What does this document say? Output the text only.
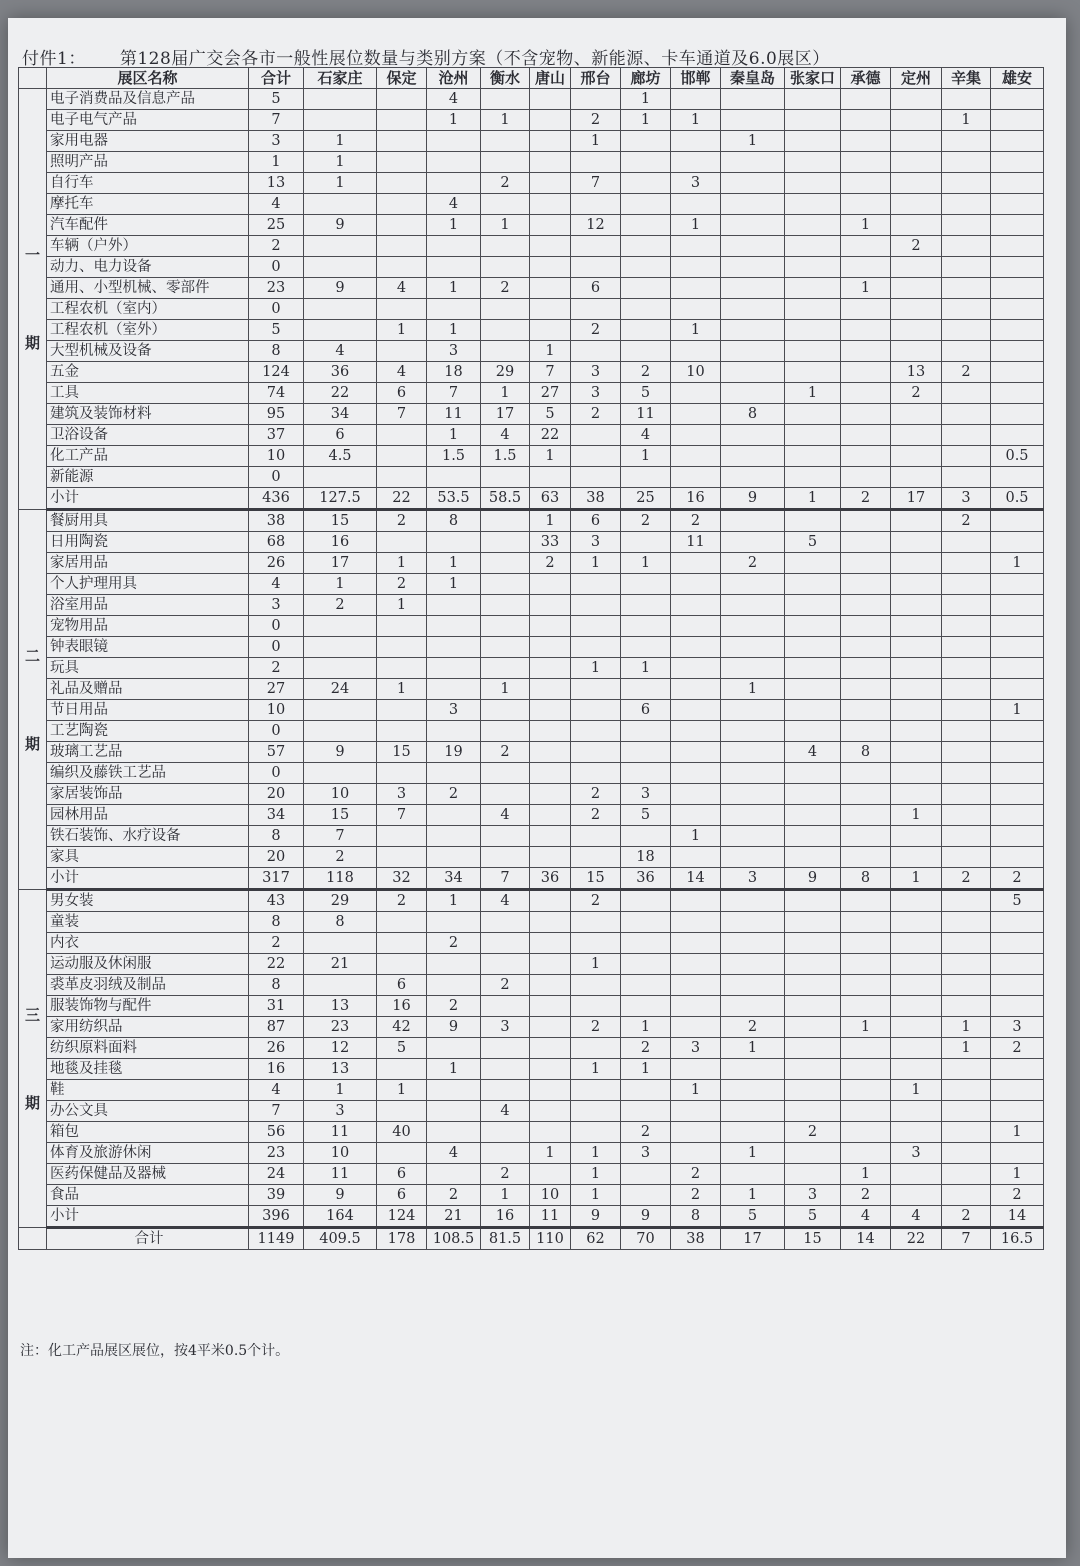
付件1： 第128届广交会各市一般性展位数量与类别方案（不含宠物、新能源、卡车通道及6.0展区）
	展区名称	合计	石家庄	保定	沧州	衡水	唐山	邢台	廊坊	邯郸	秦皇岛	张家口	承德	定州	辛集	雄安
一

期	电子消费品及信息产品	5			4				1							
	电子电气产品	7			1	1		2	1	1					1	
	家用电器	3	1					1			1					
	照明产品	1	1													
	自行车	13	1			2		7		3						
	摩托车	4			4											
	汽车配件	25	9		1	1		12		1			1			
	车辆（户外）	2												2		
	动力、电力设备	0														
	通用、小型机械、零部件	23	9	4	1	2		6					1			
	工程农机（室内）	0														
	工程农机（室外）	5		1	1			2		1						
	大型机械及设备	8	4		3		1									
	五金	124	36	4	18	29	7	3	2	10				13	2	
	工具	74	22	6	7	1	27	3	5			1		2		
	建筑及装饰材料	95	34	7	11	17	5	2	11		8					
	卫浴设备	37	6		1	4	22		4							
	化工产品	10	4.5		1.5	1.5	1		1							0.5
	新能源	0														
	小计	436	127.5	22	53.5	58.5	63	38	25	16	9	1	2	17	3	0.5
二

期	餐厨用具	38	15	2	8		1	6	2	2					2	
	日用陶瓷	68	16				33	3		11		5				
	家居用品	26	17	1	1		2	1	1		2					1
	个人护理用具	4	1	2	1											
	浴室用品	3	2	1												
	宠物用品	0														
	钟表眼镜	0														
	玩具	2						1	1							
	礼品及赠品	27	24	1		1					1					
	节日用品	10			3				6							1
	工艺陶瓷	0														
	玻璃工艺品	57	9	15	19	2						4	8			
	编织及藤铁工艺品	0														
	家居装饰品	20	10	3	2			2	3							
	园林用品	34	15	7		4		2	5					1		
	铁石装饰、水疗设备	8	7							1						
	家具	20	2						18							
	小计	317	118	32	34	7	36	15	36	14	3	9	8	1	2	2
三

期	男女装	43	29	2	1	4		2								5
	童装	8	8													
	内衣	2			2											
	运动服及休闲服	22	21					1								
	裘革皮羽绒及制品	8		6		2										
	服装饰物与配件	31	13	16	2											
	家用纺织品	87	23	42	9	3		2	1		2		1		1	3
	纺织原料面料	26	12	5					2	3	1				1	2
	地毯及挂毯	16	13		1			1	1							
	鞋	4	1	1						1				1		
	办公文具	7	3			4										
	箱包	56	11	40					2			2				1
	体育及旅游休闲	23	10		4		1	1	3		1			3		
	医药保健品及器械	24	11	6		2		1		2			1			1
	食品	39	9	6	2	1	10	1		2	1	3	2			2
	小计	396	164	124	21	16	11	9	9	8	5	5	4	4	2	14
	合计	1149	409.5	178	108.5	81.5	110	62	70	38	17	15	14	22	7	16.5
注：化工产品展区展位，按4平米0.5个计。
